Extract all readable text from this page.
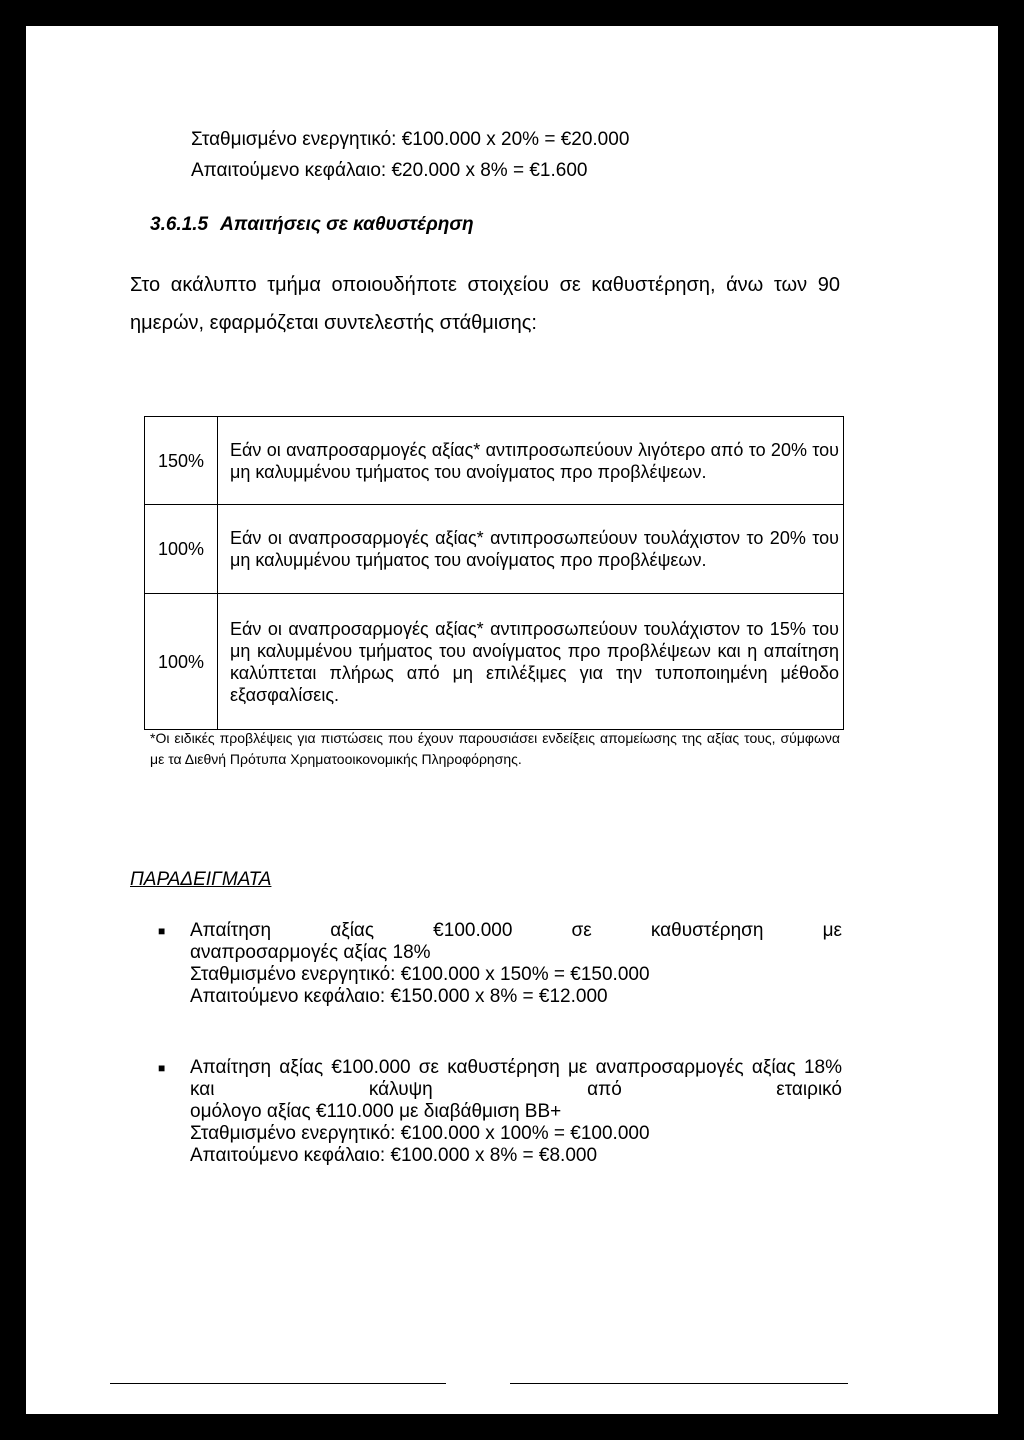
Σταθμισμένο ενεργητικό: €100.000 x 20% = €20.000

Απαιτούμενο κεφάλαιο: €20.000 x 8% = €1.600

3.6.1.5 Απαιτήσεις σε καθυστέρηση

Στο ακάλυπτο τμήμα οποιουδήποτε στοιχείου σε καθυστέρηση, άνω των 90 ημερών, εφαρμόζεται συντελεστής στάθμισης:

150%	Εάν οι αναπροσαρμογές αξίας* αντιπροσωπεύουν λιγότερο από το 20% του μη καλυμμένου τμήματος του ανοίγματος προ προβλέψεων.
100%	Εάν οι αναπροσαρμογές αξίας* αντιπροσωπεύουν τουλάχιστον το 20% του μη καλυμμένου τμήματος του ανοίγματος προ προβλέψεων.
100%	Εάν οι αναπροσαρμογές αξίας* αντιπροσωπεύουν τουλάχιστον το 15% του μη καλυμμένου τμήματος του ανοίγματος προ προβλέψεων και η απαίτηση καλύπτεται πλήρως από μη επιλέξιμες για την τυποποιημένη μέθοδο εξασφαλίσεις.

*Οι ειδικές προβλέψεις για πιστώσεις που έχουν παρουσιάσει ενδείξεις απομείωσης της αξίας τους, σύμφωνα με τα Διεθνή Πρότυπα Χρηματοοικονομικής Πληροφόρησης.

ΠΑΡΑΔΕΙΓΜΑΤΑ

■ Απαίτηση αξίας €100.000 σε καθυστέρηση με
αναπροσαρμογές αξίας 18%
Σταθμισμένο ενεργητικό: €100.000 x 150% = €150.000
Απαιτούμενο κεφάλαιο: €150.000 x 8% = €12.000
■ Απαίτηση αξίας €100.000 σε καθυστέρηση με αναπροσαρμογές αξίας 18% και κάλυψη από εταιρικό
ομόλογο αξίας €110.000 με διαβάθμιση BB+
Σταθμισμένο ενεργητικό: €100.000 x 100% = €100.000
Απαιτούμενο κεφάλαιο: €100.000 x 8% = €8.000
